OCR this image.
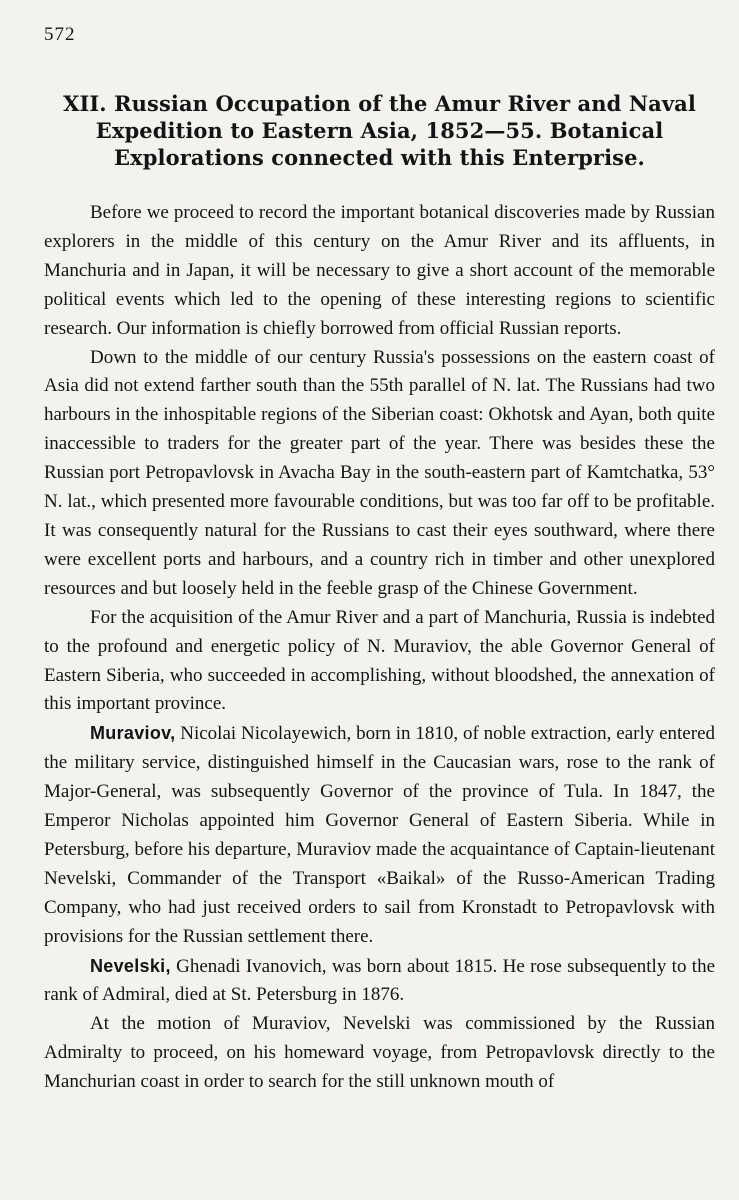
572
XII. Russian Occupation of the Amur River and Naval Expedition to Eastern Asia, 1852—55. Botanical Explorations connected with this Enterprise.

Before we proceed to record the important botanical discoveries made by Russian explorers in the middle of this century on the Amur River and its affluents, in Manchuria and in Japan, it will be necessary to give a short account of the memorable political events which led to the opening of these interesting regions to scientific research. Our information is chiefly borrowed from official Russian reports.

Down to the middle of our century Russia's possessions on the eastern coast of Asia did not extend farther south than the 55th parallel of N. lat. The Russians had two harbours in the inhospitable regions of the Siberian coast: Okhotsk and Ayan, both quite inaccessible to traders for the greater part of the year. There was besides these the Russian port Petropavlovsk in Avacha Bay in the south-eastern part of Kamtchatka, 53° N. lat., which presented more favourable conditions, but was too far off to be profitable. It was consequently natural for the Russians to cast their eyes southward, where there were excellent ports and harbours, and a country rich in timber and other unexplored resources and but loosely held in the feeble grasp of the Chinese Government.

For the acquisition of the Amur River and a part of Manchuria, Russia is indebted to the profound and energetic policy of N. Muraviov, the able Governor General of Eastern Siberia, who succeeded in accomplishing, without bloodshed, the annexation of this important province.

Muraviov, Nicolai Nicolayewich, born in 1810, of noble extraction, early entered the military service, distinguished himself in the Caucasian wars, rose to the rank of Major-General, was subsequently Governor of the province of Tula. In 1847, the Emperor Nicholas appointed him Governor General of Eastern Siberia. While in Petersburg, before his departure, Muraviov made the acquaintance of Captain-lieutenant Nevelski, Commander of the Transport «Baikal» of the Russo-American Trading Company, who had just received orders to sail from Kronstadt to Petropavlovsk with provisions for the Russian settlement there.

Nevelski, Ghenadi Ivanovich, was born about 1815. He rose subsequently to the rank of Admiral, died at St. Petersburg in 1876.

At the motion of Muraviov, Nevelski was commissioned by the Russian Admiralty to proceed, on his homeward voyage, from Petropavlovsk directly to the Manchurian coast in order to search for the still unknown mouth of
